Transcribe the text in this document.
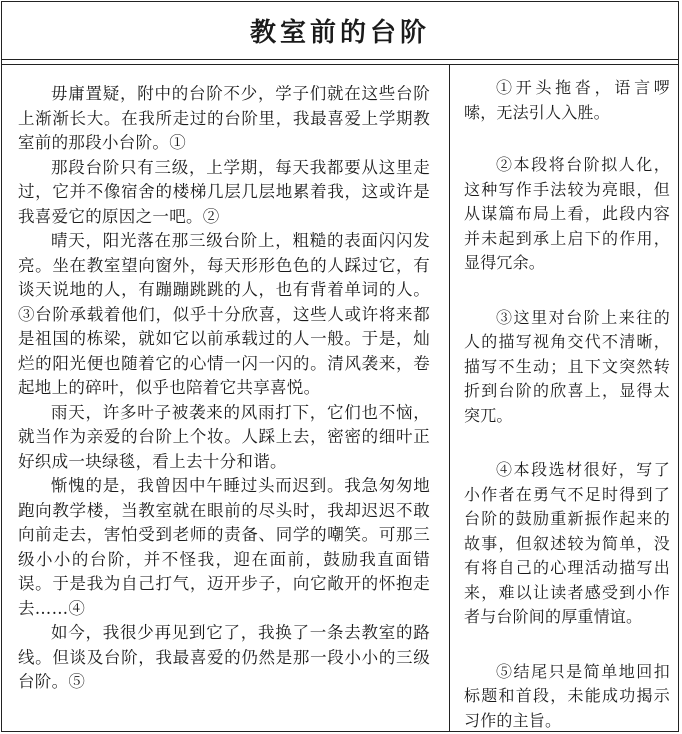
教室前的台阶

毋庸置疑，附中的台阶不少，学子们就在这些台阶上渐渐长大。在我所走过的台阶里，我最喜爱上学期教室前的那段小台阶。①

那段台阶只有三级，上学期，每天我都要从这里走过，它并不像宿舍的楼梯几层几层地累着我，这或许是我喜爱它的原因之一吧。②

晴天，阳光落在那三级台阶上，粗糙的表面闪闪发亮。坐在教室望向窗外，每天形形色色的人踩过它，有谈天说地的人，有蹦蹦跳跳的人，也有背着单词的人。③台阶承载着他们，似乎十分欣喜，这些人或许将来都是祖国的栋梁，就如它以前承载过的人一般。于是，灿烂的阳光便也随着它的心情一闪一闪的。清风袭来，卷起地上的碎叶，似乎也陪着它共享喜悦。

雨天，许多叶子被袭来的风雨打下，它们也不恼，就当作为亲爱的台阶上个妆。人踩上去，密密的细叶正好织成一块绿毯，看上去十分和谐。

惭愧的是，我曾因中午睡过头而迟到。我急匆匆地跑向教学楼，当教室就在眼前的尽头时，我却迟迟不敢向前走去，害怕受到老师的责备、同学的嘲笑。可那三级小小的台阶，并不怪我，迎在面前，鼓励我直面错误。于是我为自己打气，迈开步子，向它敞开的怀抱走去……④

如今，我很少再见到它了，我换了一条去教室的路线。但谈及台阶，我最喜爱的仍然是那一段小小的三级台阶。⑤

①开头拖沓，语言啰嗦，无法引人入胜。
②本段将台阶拟人化，这种写作手法较为亮眼，但从谋篇布局上看，此段内容并未起到承上启下的作用，显得冗余。
③这里对台阶上来往的人的描写视角交代不清晰，描写不生动；且下文突然转折到台阶的欣喜上，显得太突兀。
④本段选材很好，写了小作者在勇气不足时得到了台阶的鼓励重新振作起来的故事，但叙述较为简单，没有将自己的心理活动描写出来，难以让读者感受到小作者与台阶间的厚重情谊。
⑤结尾只是简单地回扣标题和首段，未能成功揭示习作的主旨。
